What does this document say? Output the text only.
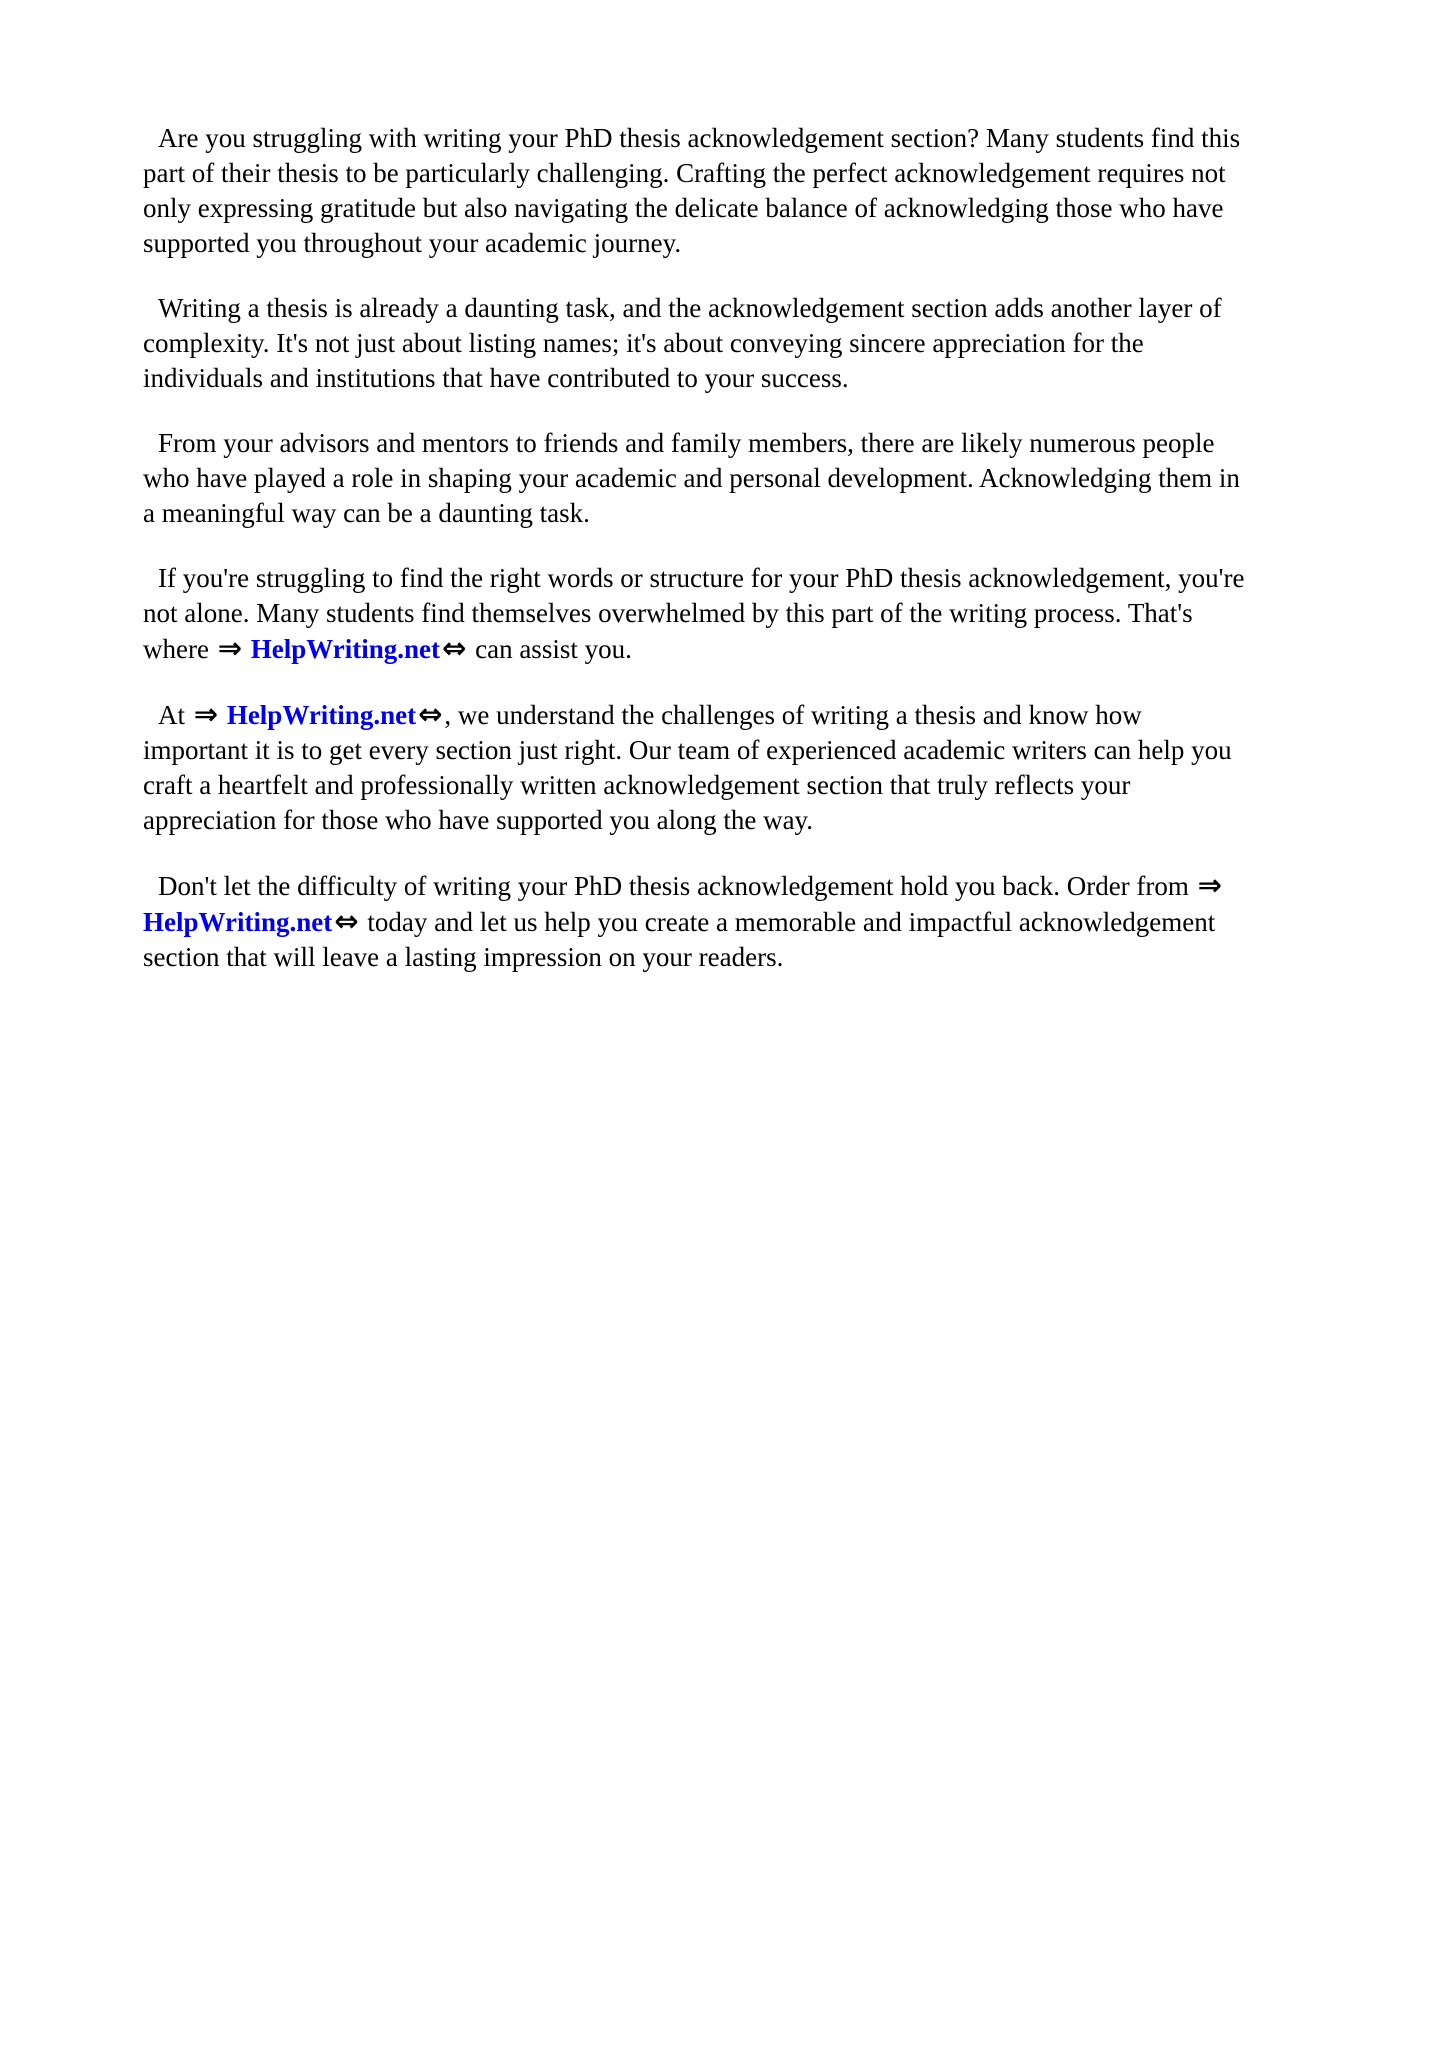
Are you struggling with writing your PhD thesis acknowledgement section? Many students find this
part of their thesis to be particularly challenging. Crafting the perfect acknowledgement requires not
only expressing gratitude but also navigating the delicate balance of acknowledging those who have
supported you throughout your academic journey.

Writing a thesis is already a daunting task, and the acknowledgement section adds another layer of
complexity. It's not just about listing names; it's about conveying sincere appreciation for the
individuals and institutions that have contributed to your success.

From your advisors and mentors to friends and family members, there are likely numerous people
who have played a role in shaping your academic and personal development. Acknowledging them in
a meaningful way can be a daunting task.

If you're struggling to find the right words or structure for your PhD thesis acknowledgement, you're
not alone. Many students find themselves overwhelmed by this part of the writing process. That's
where ⇒ HelpWriting.net⇔ can assist you.

At ⇒ HelpWriting.net⇔, we understand the challenges of writing a thesis and know how
important it is to get every section just right. Our team of experienced academic writers can help you
craft a heartfelt and professionally written acknowledgement section that truly reflects your
appreciation for those who have supported you along the way.

Don't let the difficulty of writing your PhD thesis acknowledgement hold you back. Order from ⇒
HelpWriting.net⇔ today and let us help you create a memorable and impactful acknowledgement
section that will leave a lasting impression on your readers.
